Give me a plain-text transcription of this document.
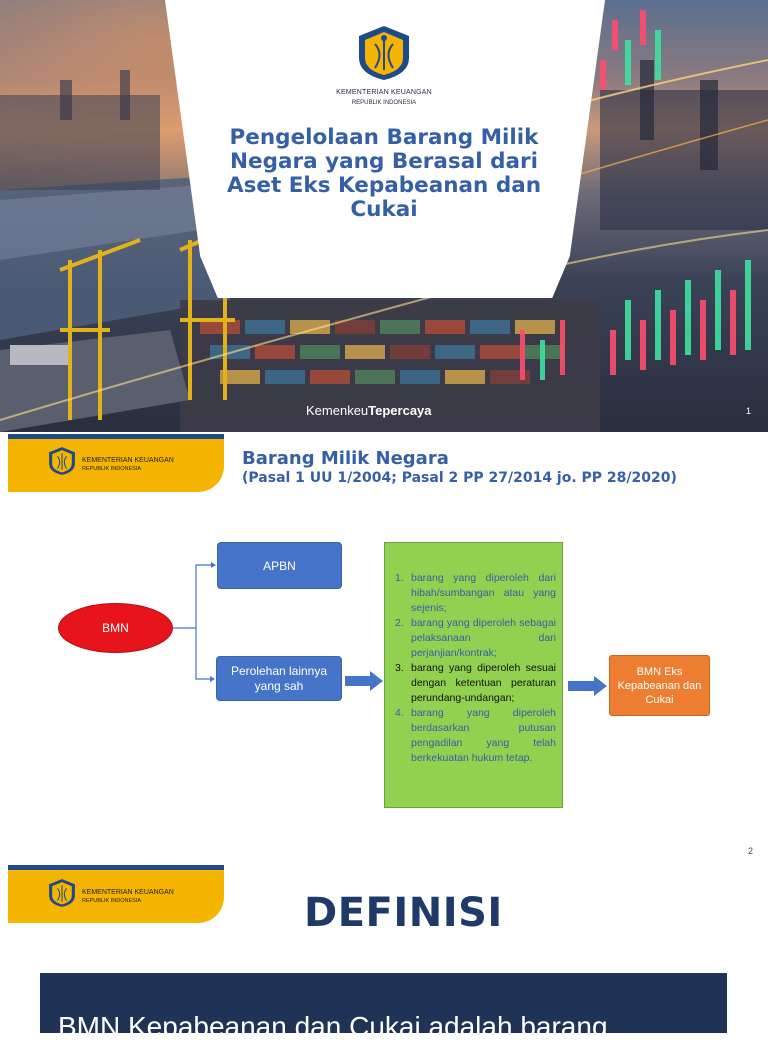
KEMENTERIAN KEUANGAN
REPUBLIK INDONESIA
Pengelolaan Barang Milik Negara yang Berasal dari Aset Eks Kepabeanan dan Cukai
KemenkeuTepercaya	1
KEMENTERIAN KEUANGAN
REPUBLIK INDONESIA	Barang Milik Negara
(Pasal 1 UU 1/2004; Pasal 2 PP 27/2014 jo. PP 28/2020)
BMN
APBN
Perolehan lainnya yang sah
1. barang yang diperoleh dari hibah/sumbangan atau yang sejenis;
2. barang yang diperoleh sebagai pelaksanaan dari perjanjian/kontrak;
3. barang yang diperoleh sesuai dengan ketentuan peraturan perundang-undangan;
4. barang yang diperoleh berdasarkan putusan pengadilan yang telah berkekuatan hukum tetap.
BMN Eks Kepabeanan dan Cukai
2
KEMENTERIAN KEUANGAN
REPUBLIK INDONESIA	DEFINISI
BMN Kepabeanan dan Cukai adalah barang
